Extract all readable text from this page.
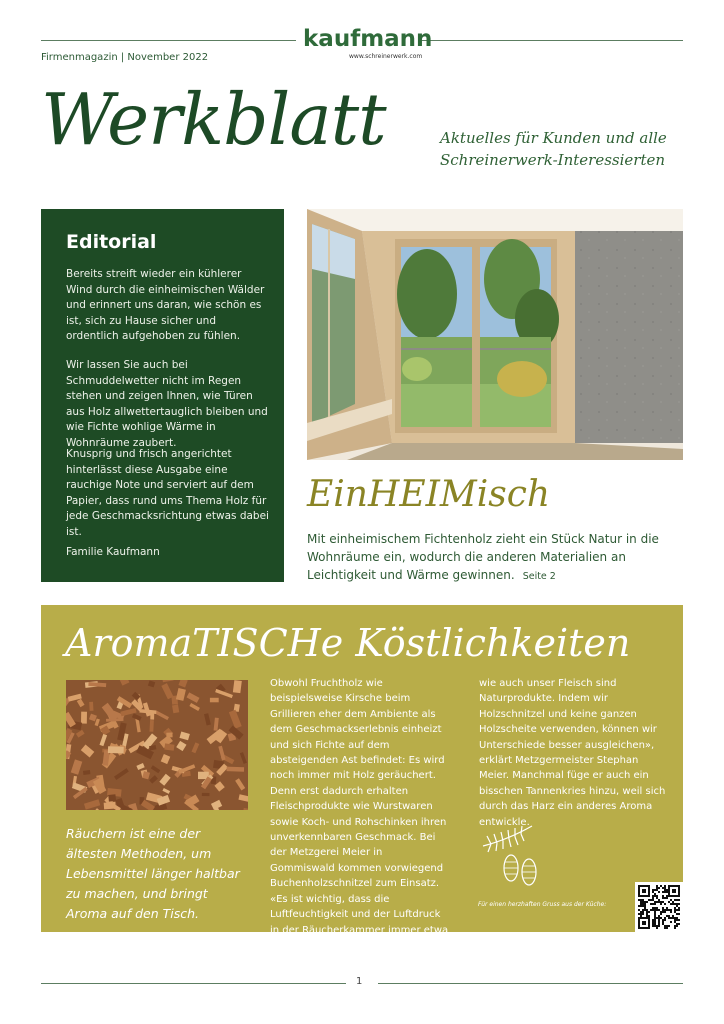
kaufmann
www.schreinerwerk.com
Firmenmagazin | November 2022
Werkblatt	Aktuelles für Kunden und alle Schreinerwerk-Interessierten
Editorial

Bereits streift wieder ein kühlerer Wind durch die einheimischen Wälder und erinnert uns daran, wie schön es ist, sich zu Hause sicher und ordentlich aufgehoben zu fühlen.

Wir lassen Sie auch bei Schmuddelwetter nicht im Regen stehen und zeigen Ihnen, wie Türen aus Holz allwettertauglich bleiben und wie Fichte wohlige Wärme in Wohnräume zaubert.

Knusprig und frisch angerichtet hinterlässt diese Ausgabe eine rauchige Note und serviert auf dem Papier, dass rund ums Thema Holz für jede Geschmacksrichtung etwas dabei ist.

Familie Kaufmann
EinHEIMisch
Mit einheimischem Fichtenholz zieht ein Stück Natur in die Wohnräume ein, wodurch die anderen Materialien an Leichtigkeit und Wärme gewinnen. Seite 2
AromaTISCHe Köstlichkeiten
Räuchern ist eine der ältesten Methoden, um Lebensmittel länger haltbar zu machen, und bringt Aroma auf den Tisch.
Obwohl Fruchtholz wie beispielsweise Kirsche beim Grillieren eher dem Ambiente als dem Geschmackserlebnis einheizt und sich Fichte auf dem absteigenden Ast befindet: Es wird noch immer mit Holz geräuchert. Denn erst dadurch erhalten Fleischprodukte wie Wurstwaren sowie Koch- und Rohschinken ihren unverkennbaren Geschmack. Bei der Metzgerei Meier in Gommiswald kommen vorwiegend Buchenholzschnitzel zum Einsatz. «Es ist wichtig, dass die Luftfeuchtigkeit und der Luftdruck in der Räucherkammer immer etwa gleich sind. Das Holz
wie auch unser Fleisch sind Naturprodukte. Indem wir Holzschnitzel und keine ganzen Holzscheite verwenden, können wir Unterschiede besser ausgleichen», erklärt Metzgermeister Stephan Meier. Manchmal füge er auch ein bisschen Tannenkries hinzu, weil sich durch das Harz ein anderes Aroma entwickle.
Für einen herzhaften Gruss aus der Küche:
1
